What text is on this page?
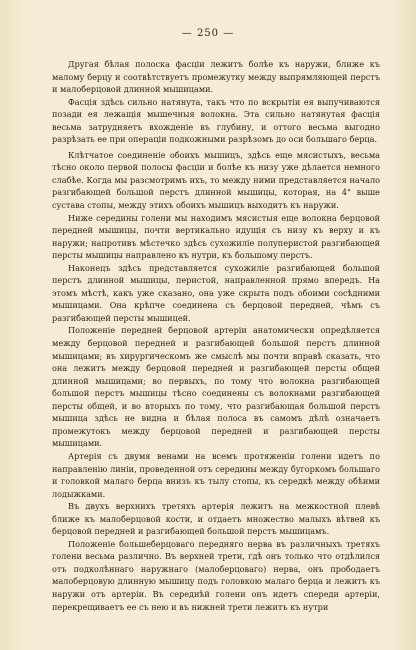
— 250 —

Другая бѣлая полоска фасціи лежитъ болѣе къ наружи, ближе къ малому берцу и соотвѣтствуетъ промежутку между выпрямляющей перстъ и малоберцовой длинной мышицами.

Фасція здѣсь сильно натянута, такъ что по вскрытіи ея выпучиваются позади ея лежащія мышечныя волокна. Эта сильно натянутая фасція весьма затрудняетъ вхожденіе въ глубину, и оттого весьма выгодно разрѣзать ее при операціи подкожными разрѣзомъ до оси большаго берца.

Клѣтчатое соединеніе обоихъ мышицъ, здѣсь еще мясистыхъ, весьма тѣсно около первой полосы фасціи и болѣе къ низу уже дѣлается немного слабѣе. Когда мы разсмотримъ ихъ, то между ними представляется начало разгибающей большой перстъ длинной мышицы, которая, на 4" выше сустава стопы, между этихъ обоихъ мышицъ выходитъ къ наружи.

Ниже середины голени мы находимъ мясистыя еще волокна берцовой передней мышицы, почти вертикально идущія съ низу къ верху и къ наружи; напротивъ мѣстечко здѣсь сухожиліе полуперистой разгибающей персты мышицы направлено къ нутри, къ большому перстъ.

Наконецъ здѣсь представляется сухожиліе разгибающей большой перстъ длинной мышицы, перистой, направленной прямо впередъ. На этомъ мѣстѣ, какъ уже сказано, она уже скрыта подъ обоими сосѣдними мышицами. Она крѣпче соединена съ берцовой передней, чѣмъ съ разгибающей персты мышицей.

Положеніе передней берцовой артеріи анатомически опредѣляется между берцовой передней и разгибающей большой перстъ длинной мышицами; въ хирургическомъ же смыслѣ мы почти вправѣ сказать, что она лежитъ между берцовой передней и разгибающей персты общей длинной мышицами; во первыхъ, по тому что волокна разгибающей большой перстъ мышицы тѣсно соединены съ волокнами разгибающей персты общей, и во вторыхъ по тому, что разгибающая большой перстъ мышица здѣсь не видна и бѣлая полоса въ самомъ дѣлѣ означаетъ промежутокъ между берцовой передней и разгибающей персты мышицами.

Артерія съ двумя венами на всемъ протяженіи голени идетъ по направленію линіи, проведенной отъ середины между бугоркомъ большаго и головкой малаго берца внизъ къ тылу стопы, къ середкѣ между обѣими лодыжками.

Въ двухъ верхнихъ третяхъ артерія лежитъ на межкостной плевѣ ближе къ малоберцовой кости, и отдаетъ множество малыхъ вѣтвей къ берцовой передней и разгибающей большой перстъ мышицамъ.

Положеніе большеберцоваго передняго нерва въ различныхъ третяхъ голени весьма различно. Въ верхней трети, гдѣ онъ только что отдѣлился отъ подколѣннаго наружнаго (малоберцоваго) нерва, онъ прободаетъ малоберцовую длинную мышицу подъ головкою малаго берца и лежитъ къ наружи отъ артеріи. Въ середнѣй голени онъ идетъ спереди артеріи, перекрещиваетъ ее съ нею и въ нижней трети лежитъ къ нутри
